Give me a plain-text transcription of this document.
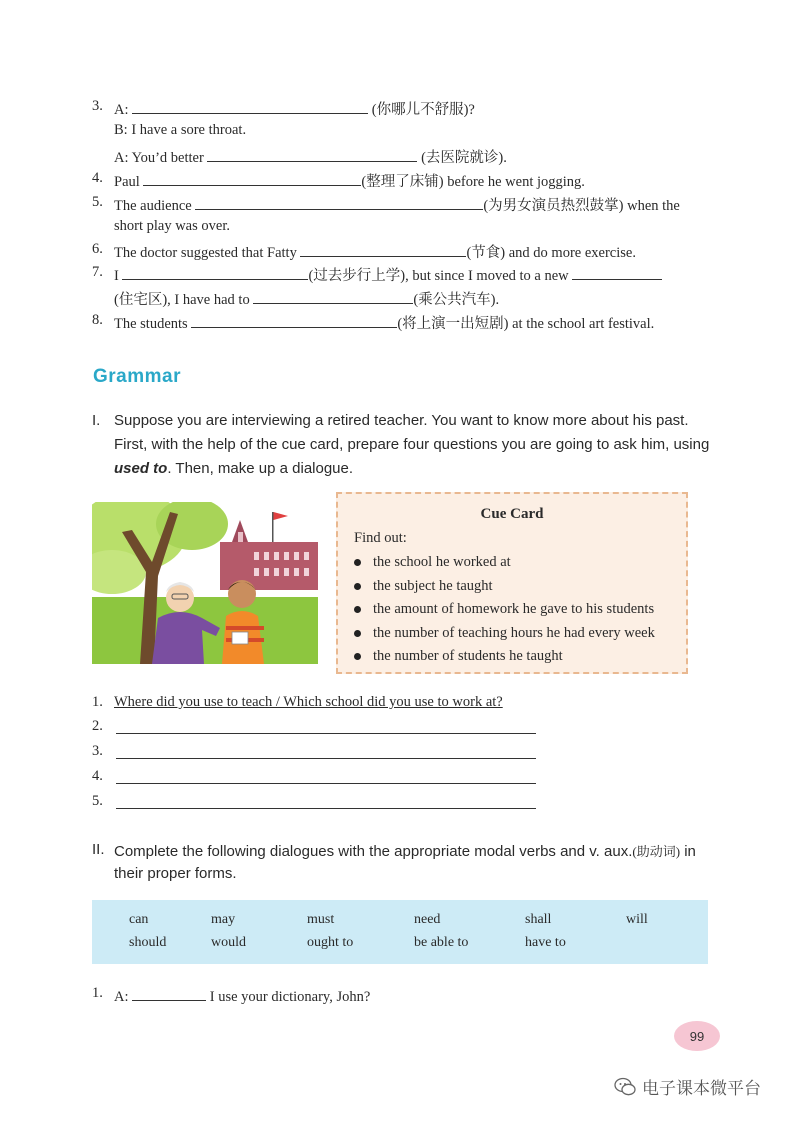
3. A:	(你哪儿不舒服)?
B: I have a sore throat.
A: You’d better	(去医院就诊).
4. Paul	(整理了床铺) before he went jogging.
5. The audience	(为男女演员热烈鼓掌) when the
short play was over.
6. The doctor suggested that Fatty	(节食) and do more exercise.
7. I	(过去步行上学), but since I moved to a new
(住宅区), I have had to	(乘公共汽车).
8. The students	(将上演一出短剧) at the school art festival.
Grammar
I. Suppose you are interviewing a retired teacher. You want to know more about his past.
First, with the help of the cue card, prepare four questions you are going to ask him, using
used to. Then, make up a dialogue.
Cue Card
Find out:
the school he worked at
the subject he taught
the amount of homework he gave to his students
the number of teaching hours he had every week
the number of students he taught
1. Where did you use to teach / Which school did you use to work at?
2.
3.
4.
5.
II. Complete the following dialogues with the appropriate modal verbs and v. aux.(助动词) in
their proper forms.
can	may	must	need	shall	will
should	would	ought to	be able to	have to
1. A:	I use your dictionary, John?
99
电子课本微平台
